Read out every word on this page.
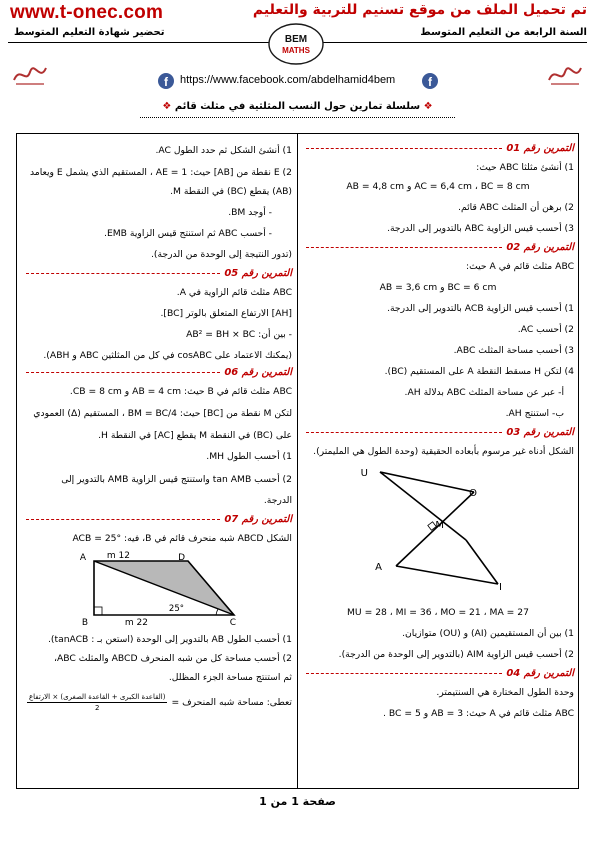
www.t-onec.com	تم تحميل الملف من موقع تسنيم للتربية والتعليم
السنة الرابعة من التعليم المتوسط
تحضير شهادة التعليم المتوسط
BEM
MATHS
f https://www.facebook.com/abdelhamid4bem	f
❖ سلسلة تمارين حول النسب المثلثية في مثلث قائم ❖
التمرين رقم 01

1) أنشئ مثلثا ABC حيث:

AC = 6,4 cm ، BC = 8 cm و AB = 4,8 cm

2) برهن أن المثلث ABC قائم.

3) أحسب قيس الزاوية ABC بالتدوير إلى الدرجة.

التمرين رقم 02

ABC مثلث قائم في A حيث:

BC = 6 cm و AB = 3,6 cm

1) أحسب قيس الزاوية ACB بالتدوير إلى الدرجة.

2) أحسب AC.

3) أحسب مساحة المثلث ABC.

4) لتكن H مسقط النقطة A على المستقيم (BC).

أ- عبر عن مساحة المثلث ABC بدلالة AH.

ب- استنتج AH.

التمرين رقم 03

الشكل أدناه غير مرسوم بأبعاده الحقيقية (وحدة الطول هي المليمتر).

U
O
M
A
I

MU = 28 ، MI = 36 ، MO = 21 ، MA = 27

1) بين أن المستقيمين (AI) و (OU) متوازيان.

2) أحسب قيس الزاوية AIM (بالتدوير إلى الوحدة من الدرجة).

التمرين رقم 04

وحدة الطول المختارة هي السنتيمتر.

ABC مثلث قائم في A حيث: AB = 3 و BC = 5 .

1) أنشئ الشكل ثم حدد الطول AC.

2) E نقطة من [AB] حيث: AE = 1 ، المستقيم الذي يشمل E ويعامد

(AB) يقطع (BC) في النقطة M.

- أوجد BM.

- أحسب ABC ثم استنتج قيس الزاوية EMB.

(تدور النتيجة إلى الوحدة من الدرجة).

التمرين رقم 05

ABC مثلث قائم الزاوية في A.

[AH] الارتفاع المتعلق بالوتر [BC].

- بين أن: AB² = BH × BC

(يمكنك الاعتماد على cosABC في كل من المثلثين ABC و ABH).

التمرين رقم 06

ABC مثلث قائم في B حيث: AB = 4 cm و CB = 8 cm.

لتكن M نقطة من [BC] حيث: BM = BC/4 ، المستقيم (Δ) العمودي

على (BC) في النقطة M يقطع [AC] في النقطة H.

1) أحسب الطول MH.

2) أحسب tan AMB واستنتج قيس الزاوية AMB بالتدوير إلى

الدرجة.

التمرين رقم 07

الشكل ABCD شبه منحرف قائم في B، فيه: ACB = 25°

A	D
B	C
12 m
22 m
25°

1) أحسب الطول AB بالتدوير إلى الوحدة (استعن بـ : tanACB).

2) أحسب مساحة كل من شبه المنحرف ABCD والمثلث ABC،

ثم استنتج مساحة الجزء المظلل.

تعطى: مساحة شبه المنحرف =
(القاعدة الكبرى + القاعدة الصغرى) × الارتفاع
2
صفحة 1 من 1
